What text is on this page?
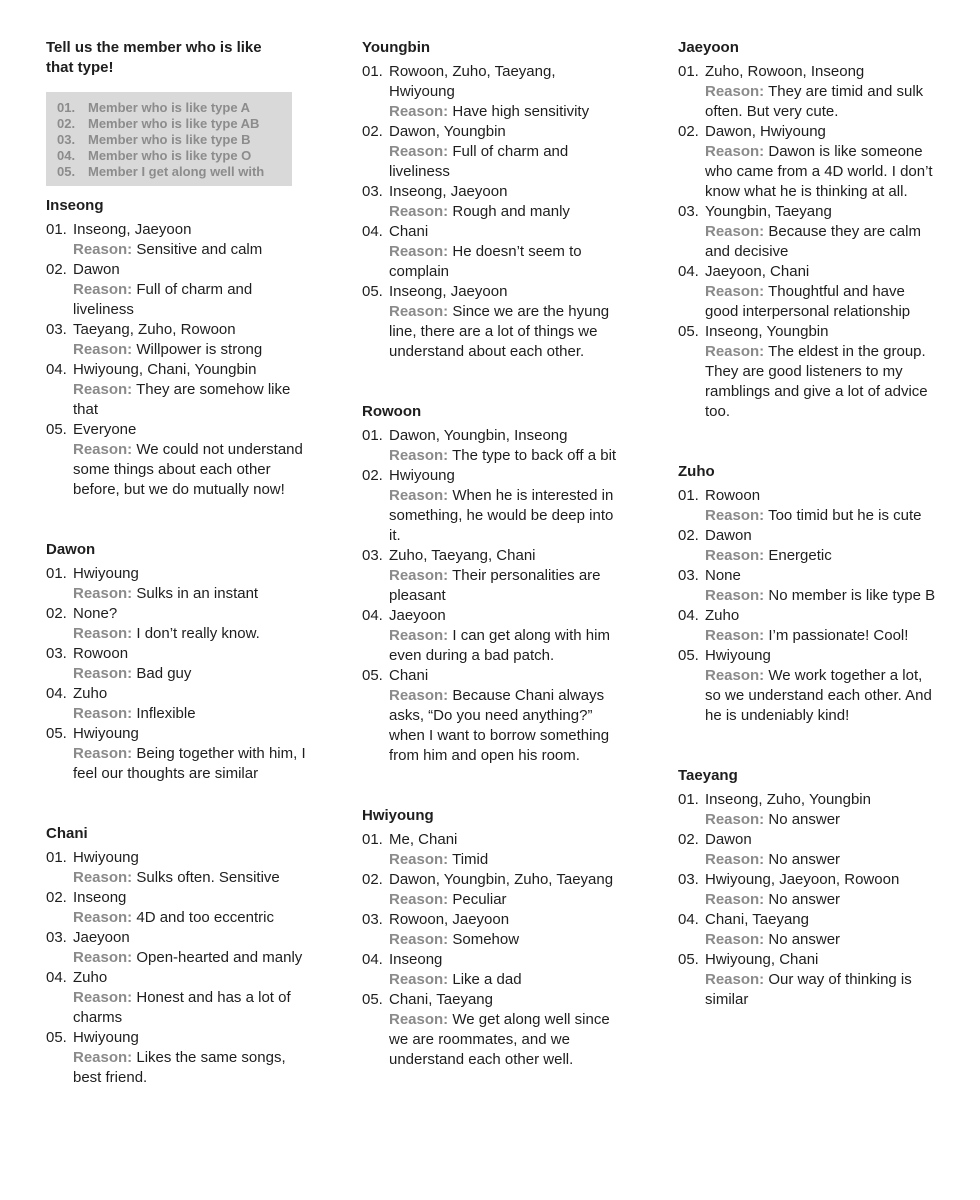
Tell us the member who is like that type!
01. Member who is like type A
02. Member who is like type AB
03. Member who is like type B
04. Member who is like type O
05. Member I get along well with
Inseong
01. Inseong, Jaeyoon
Reason: Sensitive and calm
02. Dawon
Reason: Full of charm and liveliness
03. Taeyang, Zuho, Rowoon
Reason: Willpower is strong
04. Hwiyoung, Chani, Youngbin
Reason: They are somehow like that
05. Everyone
Reason: We could not understand some things about each other before, but we do mutually now!
Dawon
01. Hwiyoung
Reason: Sulks in an instant
02. None?
Reason: I don’t really know.
03. Rowoon
Reason: Bad guy
04. Zuho
Reason: Inflexible
05. Hwiyoung
Reason: Being together with him, I feel our thoughts are similar
Chani
01. Hwiyoung
Reason: Sulks often. Sensitive
02. Inseong
Reason: 4D and too eccentric
03. Jaeyoon
Reason: Open-hearted and manly
04. Zuho
Reason: Honest and has a lot of charms
05. Hwiyoung
Reason: Likes the same songs, best friend.
Youngbin
01. Rowoon, Zuho, Taeyang, Hwiyoung
Reason: Have high sensitivity
02. Dawon, Youngbin
Reason: Full of charm and liveliness
03. Inseong, Jaeyoon
Reason: Rough and manly
04. Chani
Reason: He doesn’t seem to complain
05. Inseong, Jaeyoon
Reason: Since we are the hyung line, there are a lot of things we understand about each other.
Rowoon
01. Dawon, Youngbin, Inseong
Reason: The type to back off a bit
02. Hwiyoung
Reason: When he is interested in something, he would be deep into it.
03. Zuho, Taeyang, Chani
Reason: Their personalities are pleasant
04. Jaeyoon
Reason: I can get along with him even during a bad patch.
05. Chani
Reason: Because Chani always asks, “Do you need anything?” when I want to borrow something from him and open his room.
Hwiyoung
01. Me, Chani
Reason: Timid
02. Dawon, Youngbin, Zuho, Taeyang
Reason: Peculiar
03. Rowoon, Jaeyoon
Reason: Somehow
04. Inseong
Reason: Like a dad
05. Chani, Taeyang
Reason: We get along well since we are roommates, and we understand each other well.
Jaeyoon
01. Zuho, Rowoon, Inseong
Reason: They are timid and sulk often. But very cute.
02. Dawon, Hwiyoung
Reason: Dawon is like someone who came from a 4D world. I don’t know what he is thinking at all.
03. Youngbin, Taeyang
Reason: Because they are calm and decisive
04. Jaeyoon, Chani
Reason: Thoughtful and have good interpersonal relationship
05. Inseong, Youngbin
Reason: The eldest in the group. They are good listeners to my ramblings and give a lot of advice too.
Zuho
01. Rowoon
Reason: Too timid but he is cute
02. Dawon
Reason: Energetic
03. None
Reason: No member is like type B
04. Zuho
Reason: I’m passionate! Cool!
05. Hwiyoung
Reason: We work together a lot, so we understand each other. And he is undeniably kind!
Taeyang
01. Inseong, Zuho, Youngbin
Reason: No answer
02. Dawon
Reason: No answer
03. Hwiyoung, Jaeyoon, Rowoon
Reason: No answer
04. Chani, Taeyang
Reason: No answer
05. Hwiyoung, Chani
Reason: Our way of thinking is similar
